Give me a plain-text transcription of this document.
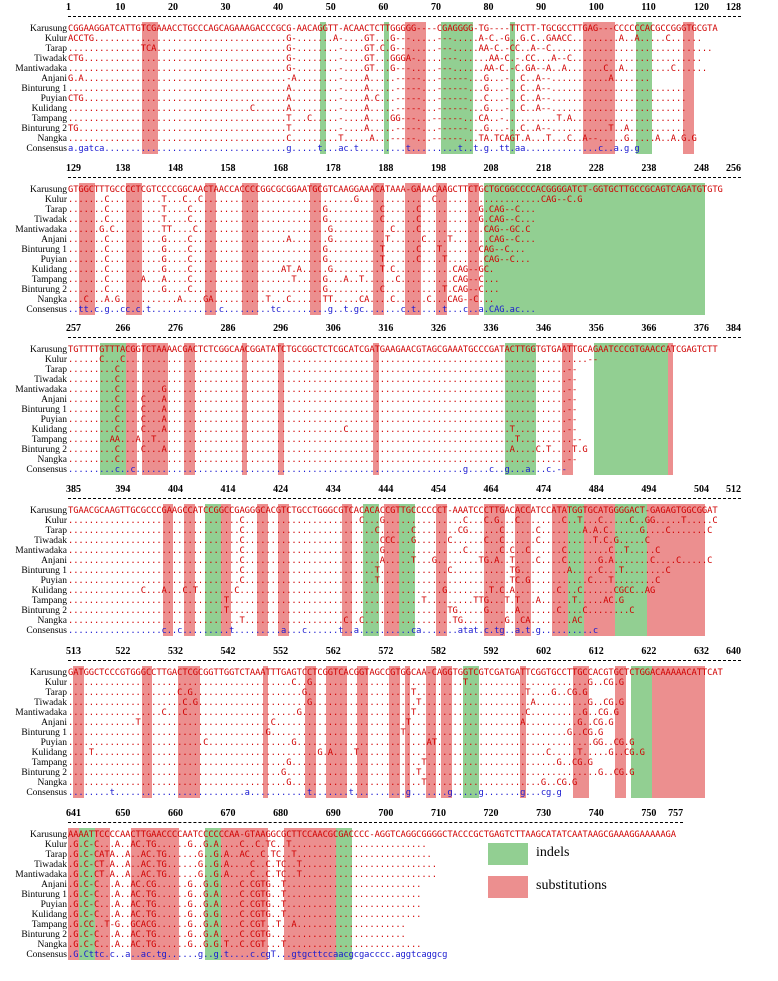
1	10	20	30	40	50	60	70	80	90	100	110	120 128
Karusung CGGAAGGATCATTGTCGAAACCTGCCCAGCAGAAAGACCCGCG-AACAGGTT-ACAACTCTTGGGGG----CGAGGGG-TG----TTCTT-TGCGCCTTGAG---CCCCCCACGCCGGGTGCGTA
Kulur ACCTG.....................................G-.......A-....GT...G---.....---.....A-C.-G..G.C..GAACC.........A..A.....C......
Tarap ..............TCA.........................G-........-....GT.C.G---.....---.....AA-C.-CC..A--C...............................
Tiwadak CTG.......................................G-........-....GT...GGGA-.....---......AA-C.-.CC...A--C.........................
Mantiwadaka ..........................................G-........-....GT...G---.....---......AA-C.-C.GA--A..A.......C..A.........C......
Anjani G.A.......................................-A........-....A.....-----...------...G...-..C..A--...........A.......
Binturung 1 ..........................................A.........-....A.....-----...------...G...-..C..A--..........................
Puyian CTG.......................................A.........-....A.C...-----...------...C...-..C..A--..........................
Kulidang ...................................C......A.........-....A.....-----...------...G...-..C..A--..........................
Tampang ..........................................T...C.....-....A....GG---...------...CA..-..........T.A......................
Binturung 2 TG........................................T.........-....A.....-----...------...G...-..C..A--...........T..A...........
Nangka ..........................................C.........T.....A...-----...------...TA.TCAGT.A...T...C..A--.....G.....A..A.G.G
Consensus a.gatca...................................g.....t...ac.t.........t.........t..t.g..tt.aa..............c..a.g.g
129	138	148	158	168	178	188	198	208	218	228	238	248 256
Karusung GTGGCTTTGCCCCTCGTCCCCGGCAACTAACCACCCCGGCGCGGAATGCGTCAAGGAAACATAAA-GAAACAAGCTTCTGCTGCGGCCCCACGGGGATCT-GGTGCTTGCCGCAGTCAGATGTGTG
Kulur .......C..........T...C..C.............................G..............C....................CAG--C.G
Tarap .......C..........T....C.........................G..........C......C...........G.CAG--C...
Tiwadak .......C..........T....C.........................G..........C......C...........G.CAG--C...
Mantiwadaka ......G.C.........TT....C.........................G...........C....C............CAG--GC.C
Anjani .......C..........G....C..................A.......G..........T......C....T.......CAG--C...
Binturung 1 .......C..........G....C.........................G..........T......C...T.......CAG--C...
Puyian .......C..........G....C.........................G..........T......C....T.......CAG--C...
Kulidang .......C..........G....C.................AT.A.....G.........T.C...........CAG--GC.
Tampang .......C......A...A....C...................T.....G...A..T......C..........CAG--C...
Binturung 2 .......C..........G....C.........................G..........C...........T.CAG--C...
Nangka ...C...A.G...........A....GA..........T...C......TT.....CA....C......C...CAG--C...
Consensus ..tt.c.g..cc.c.t.............c.........tc.........g..t.gc.......c.t.....t...c..a.CAG.ac...
257	266	276	286	296	306	316	326	336	346	356	366	376 384
Karusung TGTTTTGTTTACGGTCTAAAACGACTCTCGGCAACGGATATCTGCGGCTCTCGCATCGATGAAGAACGTAGCGAAATGCCCGATACTTGGTGTGAATTGCAGAATCCCGTGAACCATCGAGTCTT
Kulur ......C...C.........................................................................................--
Tarap .........C......................................................................................--
Tiwadak .........C......................................................................................--
Mantiwadaka .........C........G.............................................................................--
Anjani .........C....C...A.............................................................................--
Binturung 1 .........C....C...A.............................................................................--
Puyian .........C....C...A.............................................................................--
Kulidang .........C....C...A..................................C...............................T..........--
Tampang ........AA...A..T.....................................................................T..........--
Binturung 2 .........C....C...A..................................................................A....C.T....T.G
Nangka .........C......................................................................................--
Consensus .........c..c...............................................................g....c..g...a...c.--
385	394	404	414	424	434	444	454	464	474	484	494	504 512
Karusung TGAACGCAAGTTGCGCCCGAAGCCATCCGGCCGAGGGCACGTCTGCCTGGGCGTCACACACCGTTGCCCCCCT-AAATCCCTTGACACCATCCATATGGTGCATGGGGACT-GAGAGTGGCGGAT
Kulur .................................C......................C...G...............C...C.G...C........C..T...C.....C..GG.....T.....C
Tarap .................................C.........................C......C........CG......C......C........A.A.C......G....C.......C
Tiwadak .................................C..........................CCC...G......C......C..C......C..........T.C.G.....C
Mantiwadaka .................................C..........................G...............C......C.C..C......C........C..T.....C
Anjani .................................C..........................A.....T...G........TG.A..T....C....C......G.A.......C....C.....C
Binturung 1 .................................C.........................T.............C...........TG.........A.....C...T........C
Puyian .................................C.........................T.........................TC.G...........C...T........C
Kulidang ..............C...A...C.T.......C.......................................G........T.C.A........C...C......CGCC..AG
Tampang ..............................T.....................................T.........TTG...T.T...A......T.....AC.G
Binturung 2 ..............................T..........................................TG.....G.....A.......C....C........C
Nangka .................................T...................C..C.................TG........G..CA........AC
Consensus ..................c..c.........t.........a...c......t..a..........ca.......atat.c.tg..a.t.g..........c
513	522	532	542	552	562	572	582	592	602	612	622	632 640
Karusung GATGGCTCCCGTGGGCCTTGACTCGCGGTTGGTCTAAATTTGAGTCCTCGGTCACGGTAGCCGTGGCAA-CAGGTGGTCGTCGATGATTCGGTGCCTTGCCACGTGCTCTGGACAAAAACATTCAT
Kulur ...........................................C..G.............................T.......................G..CG.G
Tarap .....................C.G.....................G....................T.....................T....G..CG.G
Tiwadak ......................C.G.....................G....................T.....................A..........G..CG.G
Mantiwadaka ..................C...C.....................G.....................T.....................C..........G..CG.G
Anjani .............T.........................C.........................T.....................A..........G..CG.G
Binturung 1 ......................................G.........................T...............................G..CG.G
Puyian ..........................C................G.........................AT..............................GG..CG.G
Kulidang ....T...........................................G.A....T....................................C.....T.....G..CG.G
Tampang ..........................................G.........................T.........................G..CG.G
Binturung 2 .........................................G.........................T..................................G..CG.G
Nangka ..........................................G.........................T......................G..CG.G
Consensus ........t.........................a...........t.......t..........g.......g.....g.......g...cg.g
641	650	660	670	680	690	700	710	720	730	740	750 757
Karusung AAAATTCCCCAACTTGAACCCCAATCCCCCCAA-GTAAGGCGCTTCCAACGCGACCCC-AGGTCAGGCGGGGCTACCCGCTGAGTCTTAAGCATATCAATAAGCGAAAGGAAAAAGA
Kulur .G.C-C...A..AC.TG......G..G.A....C..C.TC..T..........................
Tarap .G.C-CATA..A..AC.TG......G..G.A..AC..C.TC..T..........................
Tiwadak .G.C-CT.A..A..AC.TG......G..G.A....C..C.TC..T..........................
Mantiwadaka .G.C.CT.A..A..AC.TG......G..G.A....C..C.TC..T..........................
Anjani .G.C-C...A..AC.CG......G..G.G....C.CGTG..T..........................
Binturung 1 .G.C-C...A..AC.TG......G..G.A....C.CGTG..T..........................
Puyian .G.C-C...A..AC.TG......G..G.A....C.CGTG..T..........................
Kulidang .G.C-C...A..AC.TG......G..G.G....C.CGTG..T..........................
Tampang .G.CC..T-G..GCACG......G..G.A....C.CGT..T..A.....................
Binturung 2 .G.C-C...A..AC.TG......G..G.A....C.CGTG..........................
Nangka .G.C-C...A..AC.TG......G..G.G.T..C.CGT...T..........................
Consensus .G.Cttc.c..a..ac.tg......g..g.t....c.cgT...gtgcttccaacgcgacccc.aggtcaggcg
indels
substitutions
